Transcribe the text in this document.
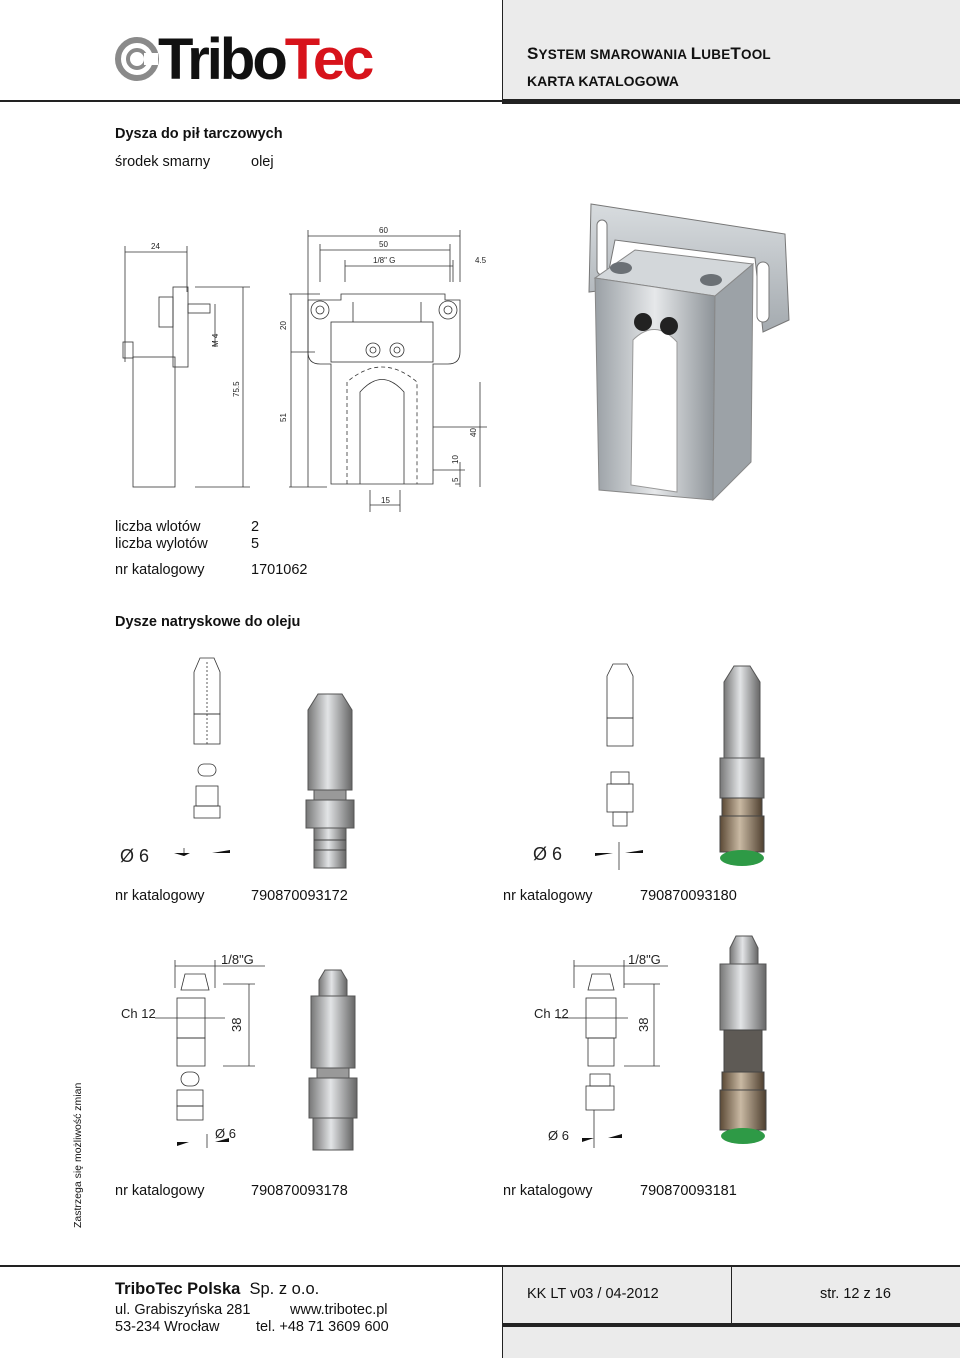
TriboTec	SYSTEM SMAROWANIA LUBETOOL
KARTA KATALOGOWA
Dysza do pił tarczowych
środek smarny	olej
24
M 4
75.5
60
50
1/8" G	4.5
20
51
40
10
5
15
liczba wlotów	2
liczba wylotów	5
nr katalogowy	1701062
Dysze natryskowe do oleju
Ø 6
nr katalogowy	790870093172
Ø 6
nr katalogowy	790870093180
1/8"G
Ch 12
38
Ø 6
nr katalogowy	790870093178
1/8"G
Ch 12
38
Ø 6
nr katalogowy	790870093181
Zastrzega się możliwość zmian
TriboTec Polska Sp. z o.o.
ul. Grabiszyńska 281	www.tribotec.pl
53-234 Wrocław	tel. +48 71 3609 600
KK LT v03 / 04-2012	str. 12 z 16
